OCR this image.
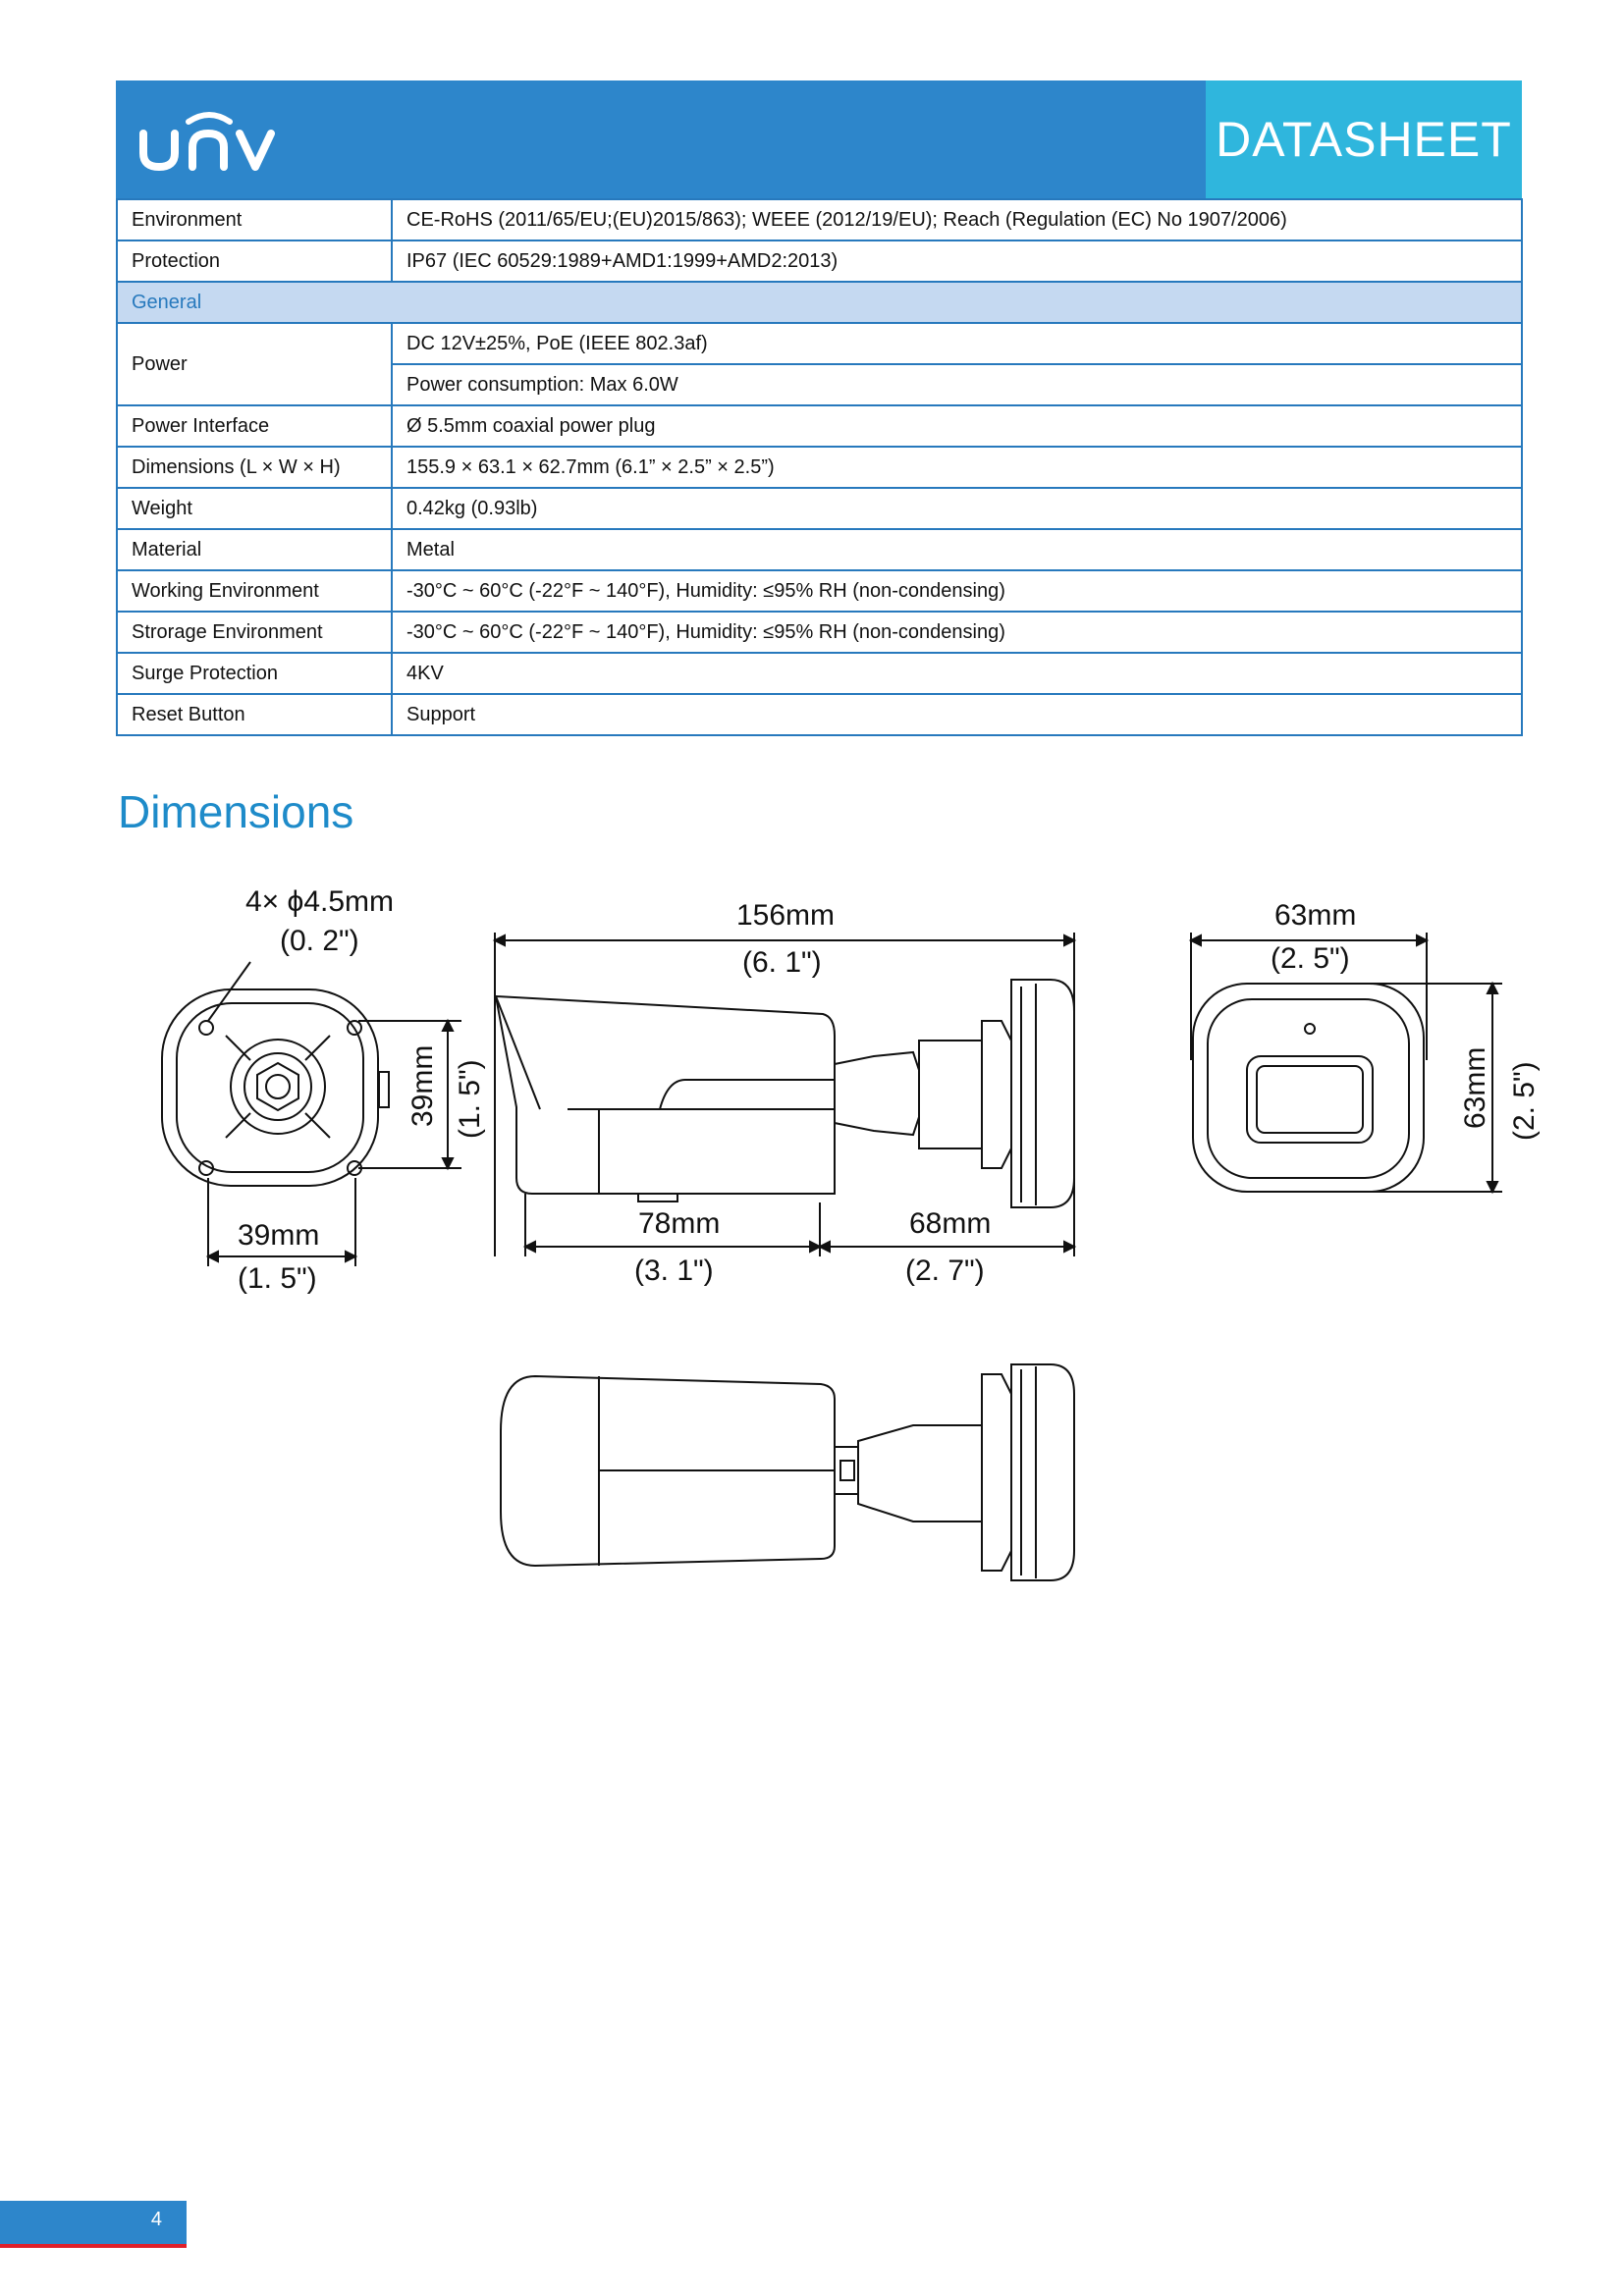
DATASHEET
Environment	CE-RoHS (2011/65/EU;(EU)2015/863); WEEE (2012/19/EU); Reach (Regulation (EC) No 1907/2006)
Protection	IP67 (IEC 60529:1989+AMD1:1999+AMD2:2013)
General	
Power	DC 12V±25%, PoE (IEEE 802.3af)
	Power consumption: Max 6.0W
Power Interface	Ø 5.5mm coaxial power plug
Dimensions (L × W × H)	155.9 × 63.1 × 62.7mm (6.1” × 2.5” × 2.5”)
Weight	0.42kg (0.93lb)
Material	Metal
Working Environment	-30°C ~ 60°C (-22°F ~ 140°F), Humidity: ≤95% RH (non-condensing)
Strorage Environment	-30°C ~ 60°C (-22°F ~ 140°F), Humidity: ≤95% RH (non-condensing)
Surge Protection	4KV
Reset Button	Support
Dimensions
4× ϕ4.5mm
(0. 2")
39mm
(1. 5")
39mm (1. 5")
156mm
(6. 1")
78mm
(3. 1")
68mm
(2. 7")
63mm
(2. 5")
63mm (2. 5")
4
